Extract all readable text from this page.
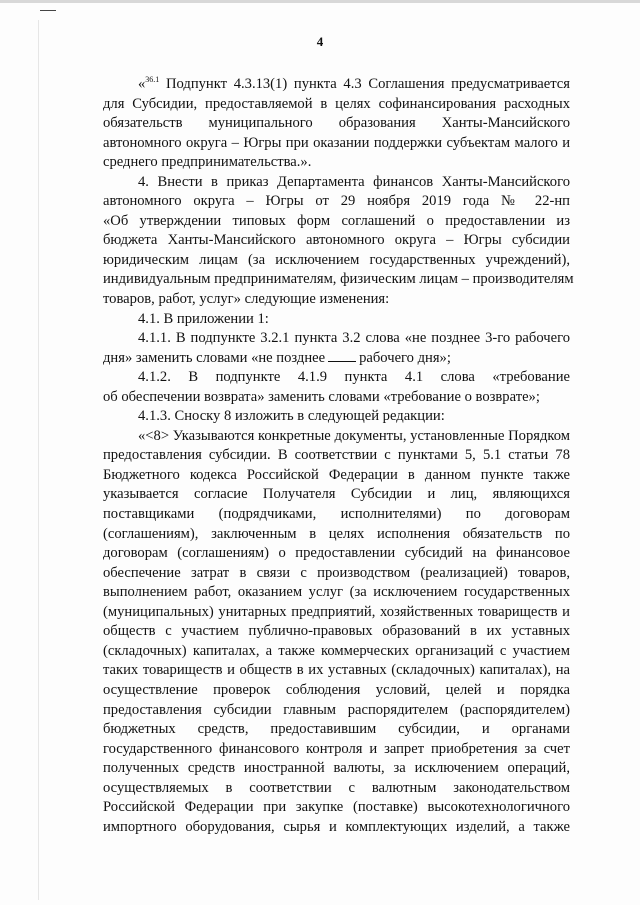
4
«$^{36.1}$ Подпункт 4.3.13(1) пункта 4.3 Соглашения предусматривается
для Субсидии, предоставляемой в целях софинансирования расходных
обязательств муниципального образования Ханты-Мансийского
автономного округа – Югры при оказании поддержки субъектам малого и
среднего предпринимательства.».
4. Внести в приказ Департамента финансов Ханты-Мансийского
автономного округа – Югры от 29 ноября 2019 года № 22-нп
«Об утверждении типовых форм соглашений о предоставлении из
бюджета Ханты-Мансийского автономного округа – Югры субсидии
юридическим лицам (за исключением государственных учреждений),
индивидуальным предпринимателям, физическим лицам – производителям
товаров, работ, услуг» следующие изменения:
4.1. В приложении 1:
4.1.1. В подпункте 3.2.1 пункта 3.2 слова «не позднее 3-го рабочего
дня» заменить словами «не позднее рабочего дня»;
4.1.2. В подпункте 4.1.9 пункта 4.1 слова «требование
об обеспечении возврата» заменить словами «требование о возврате»;
4.1.3. Сноску 8 изложить в следующей редакции:
«<8> Указываются конкретные документы, установленные Порядком
предоставления субсидии. В соответствии с пунктами 5, 5.1 статьи 78
Бюджетного кодекса Российской Федерации в данном пункте также
указывается согласие Получателя Субсидии и лиц, являющихся
поставщиками (подрядчиками, исполнителями) по договорам
(соглашениям), заключенным в целях исполнения обязательств по
договорам (соглашениям) о предоставлении субсидий на финансовое
обеспечение затрат в связи с производством (реализацией) товаров,
выполнением работ, оказанием услуг (за исключением государственных
(муниципальных) унитарных предприятий, хозяйственных товариществ и
обществ с участием публично-правовых образований в их уставных
(складочных) капиталах, а также коммерческих организаций с участием
таких товариществ и обществ в их уставных (складочных) капиталах), на
осуществление проверок соблюдения условий, целей и порядка
предоставления субсидии главным распорядителем (распорядителем)
бюджетных средств, предоставившим субсидии, и органами
государственного финансового контроля и запрет приобретения за счет
полученных средств иностранной валюты, за исключением операций,
осуществляемых в соответствии с валютным законодательством
Российской Федерации при закупке (поставке) высокотехнологичного
импортного оборудования, сырья и комплектующих изделий, а также
